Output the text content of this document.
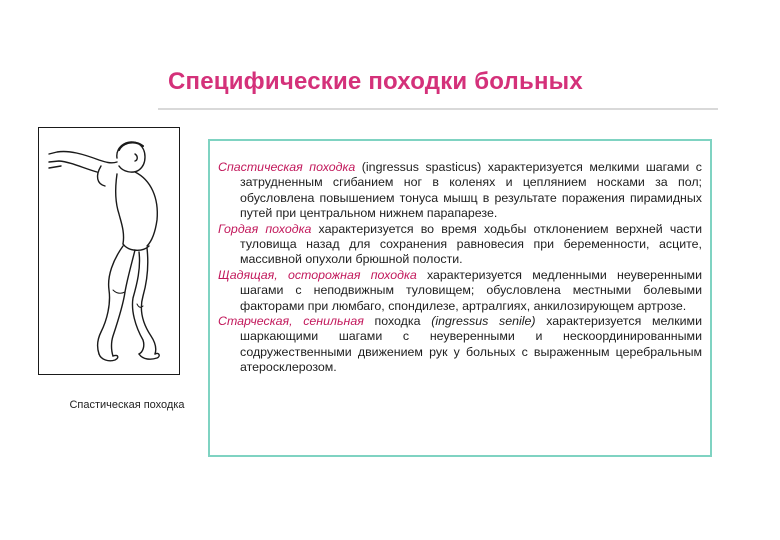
Специфические походки больных
Спастическая походка

Спастическая походка (ingressus spasticus) характеризуется мелкими шагами с затрудненным сгибанием ног в коленях и цеплянием носками за пол; обусловлена повышением тонуса мышц в результате поражения пирамидных путей при центральном нижнем парапарезе.

Гордая походка характеризуется во время ходьбы отклонением верхней части туловища назад для сохранения равновесия при беременности, асците, массивной опухоли брюшной полости.

Щадящая, осторожная походка характеризуется медленными неуверенными шагами с неподвижным туловищем; обусловлена местными болевыми факторами при люмбаго, спондилезе, артралгиях, анкилозирующем артрозе.

Старческая, сенильная походка (ingressus senile) характеризуется мелкими шаркающими шагами с неуверенными и нескоординированными содружественными движением рук у больных с выраженным церебральным атеросклерозом.
